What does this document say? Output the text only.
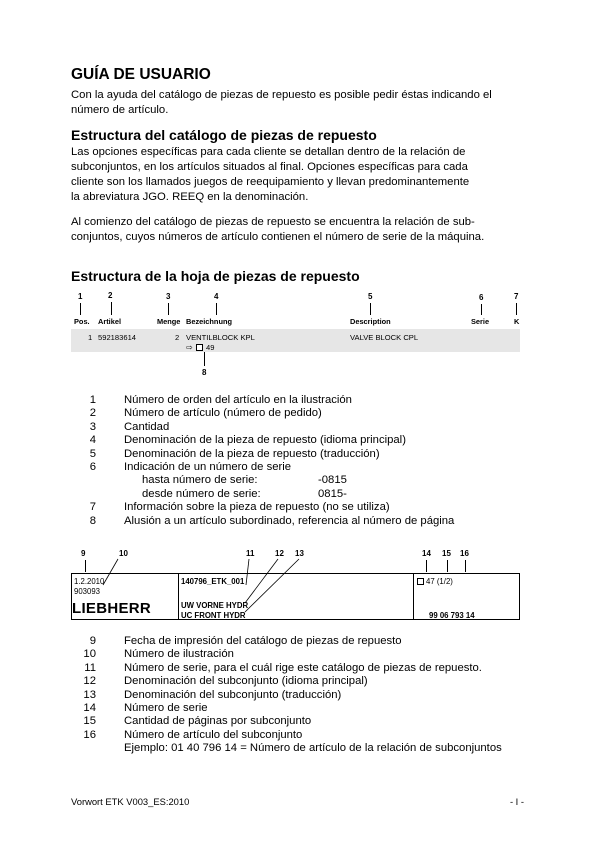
GUÍA DE USUARIO

Con la ayuda del catálogo de piezas de repuesto es posible pedir éstas indicando el
número de artículo.

Estructura del catálogo de piezas de repuesto

Las opciones específicas para cada cliente se detallan dentro de la relación de
subconjuntos, en los artículos situados al final. Opciones específicas para cada
cliente son los llamados juegos de reequipamiento y llevan predominantemente
la abreviatura JGO. REEQ en la denominación.

Al comienzo del catálogo de piezas de repuesto se encuentra la relación de sub-
conjuntos, cuyos números de artículo contienen el número de serie de la máquina.

Estructura de la hoja de piezas de repuesto
1	2	3	4	5	6	7
Pos. Artikel	Menge Bezeichnung	Description	Serie	K
1 592183614	2 VENTILBLOCK KPL	VALVE BLOCK CPL
⇨ 49
8
1 Número de orden del artículo en la ilustración
2 Número de artículo (número de pedido)
3 Cantidad
4 Denominación de la pieza de repuesto (idioma principal)
5 Denominación de la pieza de repuesto (traducción)
6 Indicación de un número de serie
hasta número de serie:	-0815
desde número de serie:	0815-
7 Información sobre la pieza de repuesto (no se utiliza)
8 Alusión a un artículo subordinado, referencia al número de página
9	10	11	12 13	14 15 16
1.2.2010
903093
LIEBHERR
140796_ETK_001
UW VORNE HYDR
UC FRONT HYDR
47 (1/2)
99 06 793 14
9 Fecha de impresión del catálogo de piezas de repuesto
10 Número de ilustración
11 Número de serie, para el cuál rige este catálogo de piezas de repuesto.
12 Denominación del subconjunto (idioma principal)
13 Denominación del subconjunto (traducción)
14 Número de serie
15 Cantidad de páginas por subconjunto
16 Número de artículo del subconjunto
Ejemplo: 01 40 796 14 = Número de artículo de la relación de subconjuntos
Vorwort ETK V003_ES:2010	- I -
